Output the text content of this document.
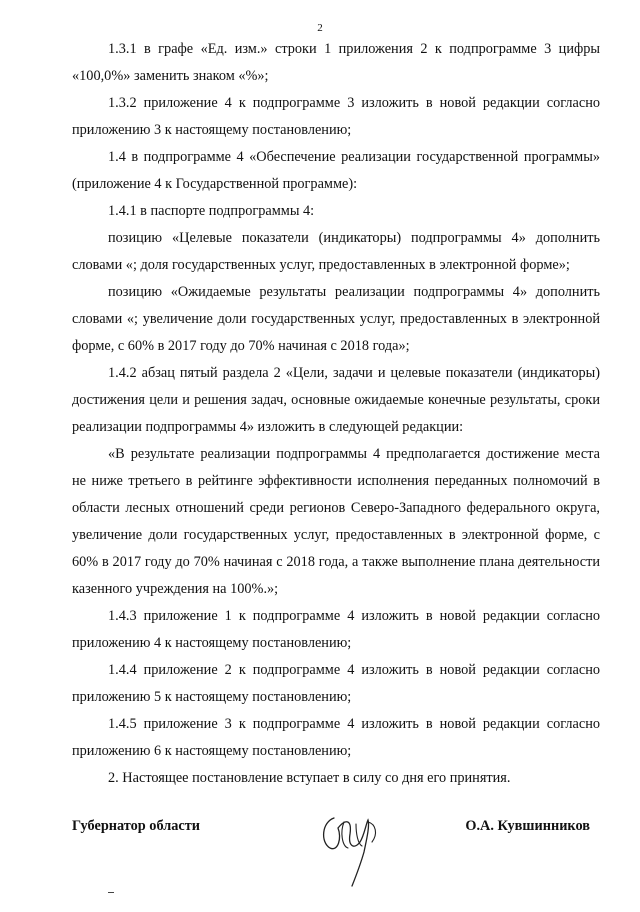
2

1.3.1 в графе «Ед. изм.» строки 1 приложения 2 к подпрограмме 3 цифры «100,0%» заменить знаком «%»;

1.3.2 приложение 4 к подпрограмме 3 изложить в новой редакции согласно приложению 3 к настоящему постановлению;

1.4 в подпрограмме 4 «Обеспечение реализации государственной программы» (приложение 4 к Государственной программе):

1.4.1 в паспорте подпрограммы 4:

позицию «Целевые показатели (индикаторы) подпрограммы 4» дополнить словами «; доля государственных услуг, предоставленных в электронной форме»;

позицию «Ожидаемые результаты реализации подпрограммы 4» дополнить словами «; увеличение доли государственных услуг, предоставленных в электронной форме, с 60% в 2017 году до 70% начиная с 2018 года»;

1.4.2 абзац пятый раздела 2 «Цели, задачи и целевые показатели (индикаторы) достижения цели и решения задач, основные ожидаемые конечные результаты, сроки реализации подпрограммы 4» изложить в следующей редакции:

«В результате реализации подпрограммы 4 предполагается достижение места не ниже третьего в рейтинге эффективности исполнения переданных полномочий в области лесных отношений среди регионов Северо-Западного федерального округа, увеличение доли государственных услуг, предоставленных в электронной форме, с 60% в 2017 году до 70% начиная с 2018 года, а также выполнение плана деятельности казенного учреждения на 100%.»;

1.4.3 приложение 1 к подпрограмме 4 изложить в новой редакции согласно приложению 4 к настоящему постановлению;

1.4.4 приложение 2 к подпрограмме 4 изложить в новой редакции согласно приложению 5 к настоящему постановлению;

1.4.5 приложение 3 к подпрограмме 4 изложить в новой редакции согласно приложению 6 к настоящему постановлению;

2. Настоящее постановление вступает в силу со дня его принятия.

Губернатор области	О.А. Кувшинников
